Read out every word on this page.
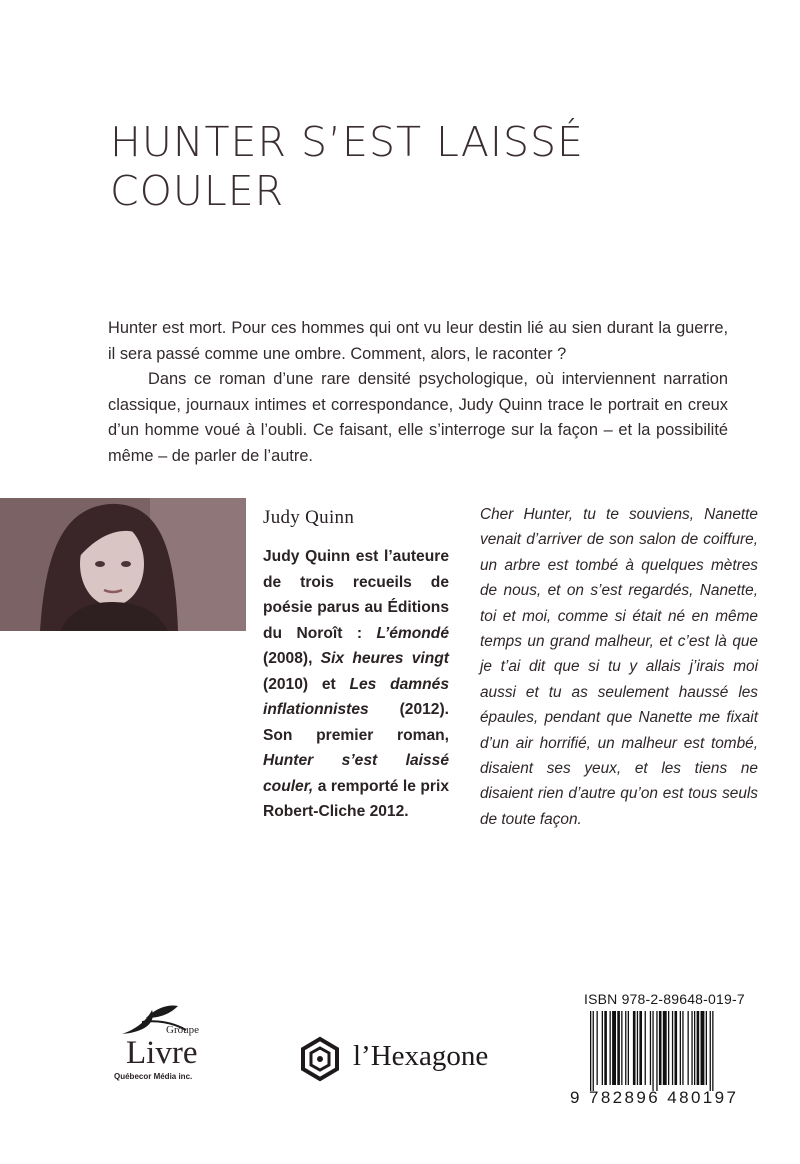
HUNTER S’EST LAISSÉ
COULER

Hunter est mort. Pour ces hommes qui ont vu leur destin lié au sien durant la guerre, il sera passé comme une ombre. Comment, alors, le raconter ?

Dans ce roman d’une rare densité psychologique, où interviennent narration classique, journaux intimes et correspondance, Judy Quinn trace le portrait en creux d’un homme voué à l’oubli. Ce faisant, elle s’interroge sur la façon – et la possibilité même – de parler de l’autre.

Judy Quinn
Judy Quinn est l’auteure de trois recueils de poésie parus au Éditions du Noroît : L’émondé (2008), Six heures vingt (2010) et Les damnés inflationnistes (2012). Son premier roman, Hunter s’est laissé couler, a remporté le prix Robert-Cliche 2012.

Cher Hunter, tu te souviens, Nanette venait d’arriver de son salon de coiffure, un arbre est tombé à quelques mètres de nous, et on s’est regardés, Nanette, toi et moi, comme si était né en même temps un grand malheur, et c’est là que je t’ai dit que si tu y allais j’irais moi aussi et tu as seulement haussé les épaules, pendant que Nanette me fixait d’un air horrifié, un malheur est tombé, disaient ses yeux, et les tiens ne disaient rien d’autre qu’on est tous seuls de toute façon.

Groupe
Livre
Québecor Média inc.
l’Hexagone
ISBN 978-2-89648-019-7
9 782896 480197
